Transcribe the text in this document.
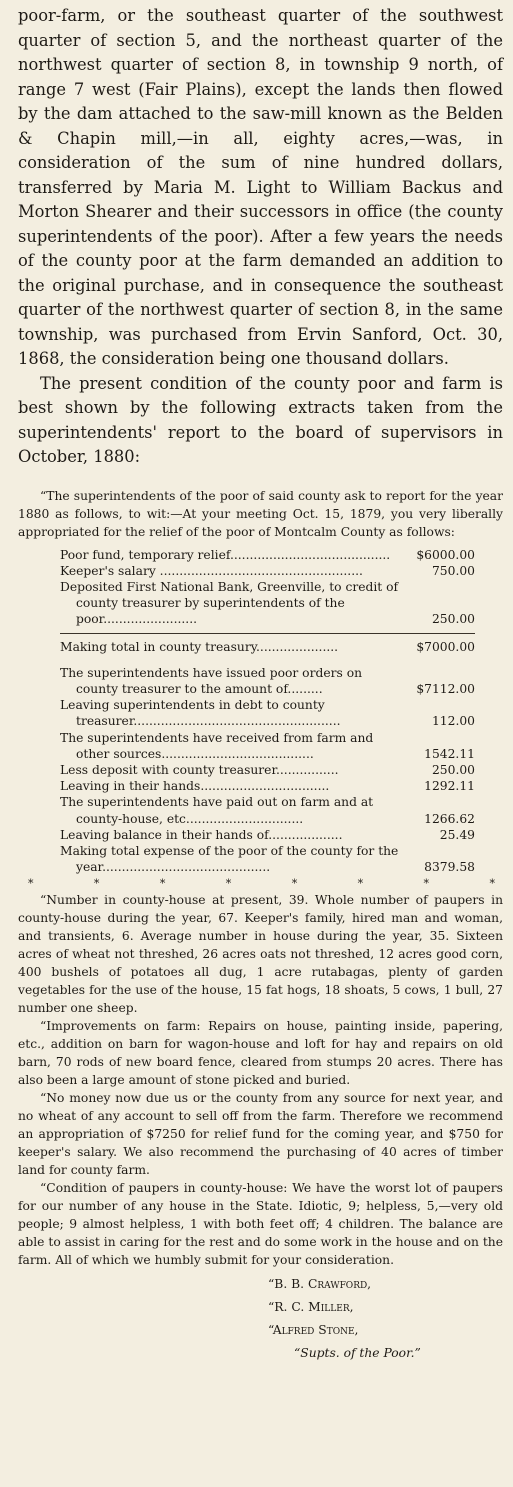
poor-farm, or the southeast quarter of the southwest quarter of section 5, and the northeast quarter of the northwest quarter of section 8, in township 9 north, of range 7 west (Fair Plains), except the lands then flowed by the dam attached to the saw-mill known as the Belden & Chapin mill,—in all, eighty acres,—was, in consideration of the sum of nine hundred dollars, transferred by Maria M. Light to William Backus and Morton Shearer and their successors in office (the county superintendents of the poor). After a few years the needs of the county poor at the farm demanded an addition to the original purchase, and in consequence the southeast quarter of the northwest quarter of section 8, in the same township, was purchased from Ervin Sanford, Oct. 30, 1868, the consideration being one thousand dollars.

The present condition of the county poor and farm is best shown by the following extracts taken from the superintendents' report to the board of supervisors in October, 1880:

“The superintendents of the poor of said county ask to report for the year 1880 as follows, to wit:—At your meeting Oct. 15, 1879, you very liberally appropriated for the relief of the poor of Montcalm County as follows:

Poor fund, temporary relief.........................................	$6000.00
Keeper's salary ....................................................	750.00
Deposited First National Bank, Greenville, to credit of county treasurer by superintendents of the poor........................	250.00
Making total in county treasury.....................	$7000.00
The superintendents have issued poor orders on county treasurer to the amount of.........	$7112.00
Leaving superintendents in debt to county treasurer.....................................................	112.00
The superintendents have received from farm and other sources.......................................	1542.11
Less deposit with county treasurer................	250.00
Leaving in their hands.................................	1292.11
The superintendents have paid out on farm and at county-house, etc..............................	1266.62
Leaving balance in their hands of...................	25.49
Making total expense of the poor of the county for the year...........................................	8379.58
*	*	*	*	*	*	*	*

“Number in county-house at present, 39. Whole number of paupers in county-house during the year, 67. Keeper's family, hired man and woman, and transients, 6. Average number in house during the year, 35. Sixteen acres of wheat not threshed, 26 acres oats not threshed, 12 acres good corn, 400 bushels of potatoes all dug, 1 acre rutabagas, plenty of garden vegetables for the use of the house, 15 fat hogs, 18 shoats, 5 cows, 1 bull, 27 number one sheep.

“Improvements on farm: Repairs on house, painting inside, papering, etc., addition on barn for wagon-house and loft for hay and repairs on old barn, 70 rods of new board fence, cleared from stumps 20 acres. There has also been a large amount of stone picked and buried.

“No money now due us or the county from any source for next year, and no wheat of any account to sell off from the farm. Therefore we recommend an appropriation of $7250 for relief fund for the coming year, and $750 for keeper's salary. We also recommend the purchasing of 40 acres of timber land for county farm.

“Condition of paupers in county-house: We have the worst lot of paupers for our number of any house in the State. Idiotic, 9; helpless, 5,—very old people; 9 almost helpless, 1 with both feet off; 4 children. The balance are able to assist in caring for the rest and do some work in the house and on the farm. All of which we humbly submit for your consideration.

“B. B. Crawford,
“R. C. Miller,
“Alfred Stone,
“Supts. of the Poor.”
